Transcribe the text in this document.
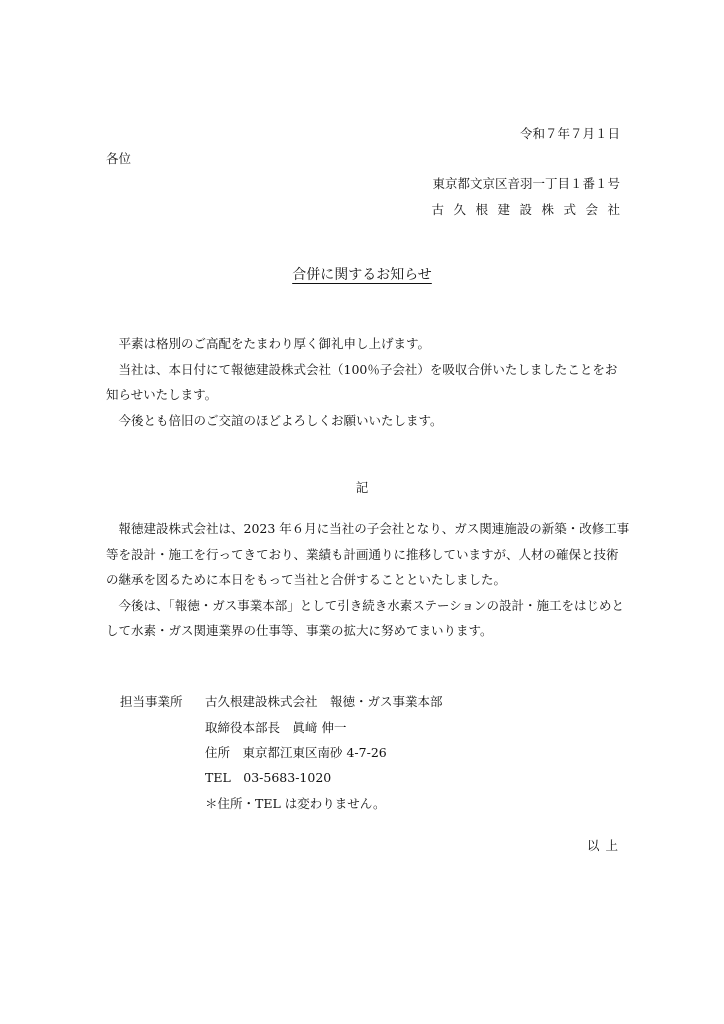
令和７年７月１日
各位
東京都文京区音羽一丁目１番１号
古久根建設株式会社
合併に関するお知らせ

平素は格別のご高配をたまわり厚く御礼申し上げます。

当社は、本日付にて報徳建設株式会社（100％子会社）を吸収合併いたしましたことをお知らせいたします。

今後とも倍旧のご交誼のほどよろしくお願いいたします。

記

報徳建設株式会社は、2023 年６月に当社の子会社となり、ガス関連施設の新築・改修工事等を設計・施工を行ってきており、業績も計画通りに推移していますが、人材の確保と技術の継承を図るために本日をもって当社と合併することといたしました。

今後は、「報徳・ガス事業本部」として引き続き水素ステーションの設計・施工をはじめとして水素・ガス関連業界の仕事等、事業の拡大に努めてまいります。

担当事業所 古久根建設株式会社　報徳・ガス事業本部
取締役本部長　眞﨑 伸一
住所　東京都江東区南砂 4-7-26
TEL　03-5683-1020
＊住所・TEL は変わりません。
以上
